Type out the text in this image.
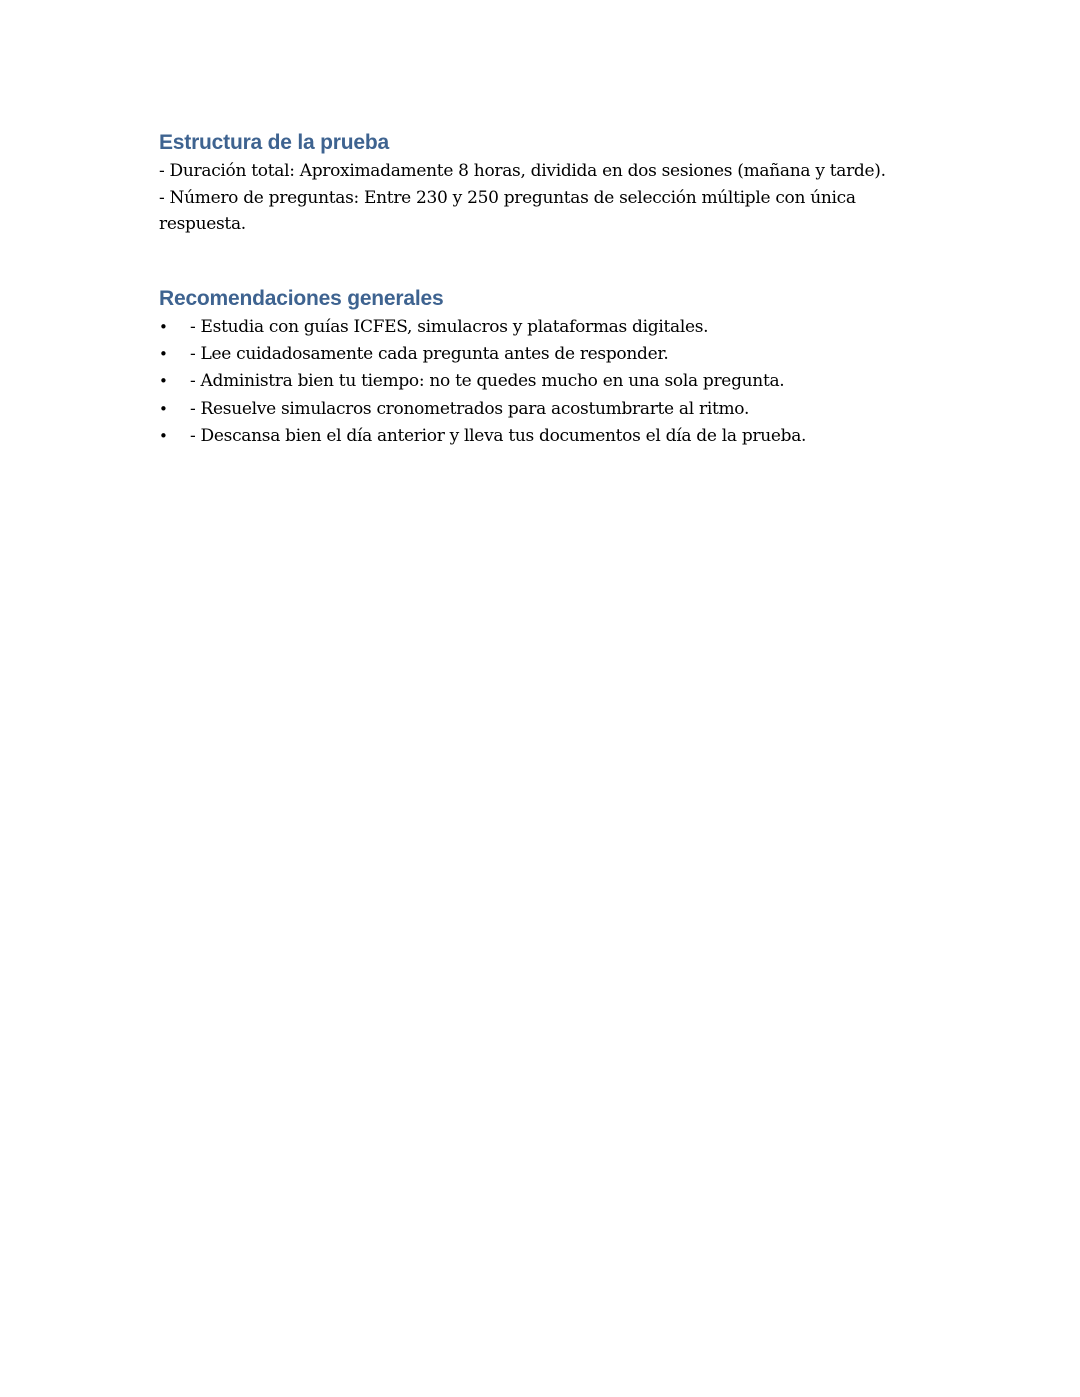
Estructura de la prueba

- Duración total: Aproximadamente 8 horas, dividida en dos sesiones (mañana y tarde).

- Número de preguntas: Entre 230 y 250 preguntas de selección múltiple con única

respuesta.

Recomendaciones generales
•	- Estudia con guías ICFES, simulacros y plataformas digitales.
•	- Lee cuidadosamente cada pregunta antes de responder.
•	- Administra bien tu tiempo: no te quedes mucho en una sola pregunta.
•	- Resuelve simulacros cronometrados para acostumbrarte al ritmo.
•	- Descansa bien el día anterior y lleva tus documentos el día de la prueba.
